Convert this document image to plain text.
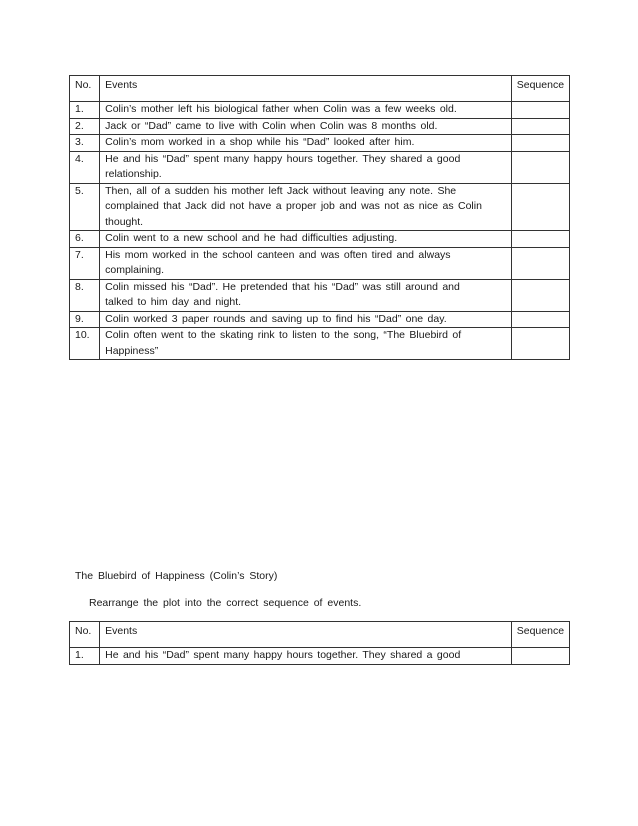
No.	Events	Sequence
1.	Colin’s mother left his biological father when Colin was a few weeks old.	

2.	Jack or “Dad” came to live with Colin when Colin was 8 months old.	

3.	Colin’s mom worked in a shop while his “Dad” looked after him.	

4.	He and his “Dad” spent many happy hours together. They shared a good
relationship.	

5.	Then, all of a sudden his mother left Jack without leaving any note. She
complained that Jack did not have a proper job and was not as nice as Colin
thought.	

6.	Colin went to a new school and he had difficulties adjusting.	

7.	His mom worked in the school canteen and was often tired and always
complaining.	

8.	Colin missed his “Dad”. He pretended that his “Dad” was still around and
talked to him day and night.	

9.	Colin worked 3 paper rounds and saving up to find his “Dad” one day.	

10.	Colin often went to the skating rink to listen to the song, “The Bluebird of
Happiness”	

The Bluebird of Happiness (Colin’s Story)
Rearrange the plot into the correct sequence of events.
No.	Events	Sequence
1.	He and his “Dad” spent many happy hours together. They shared a good	
